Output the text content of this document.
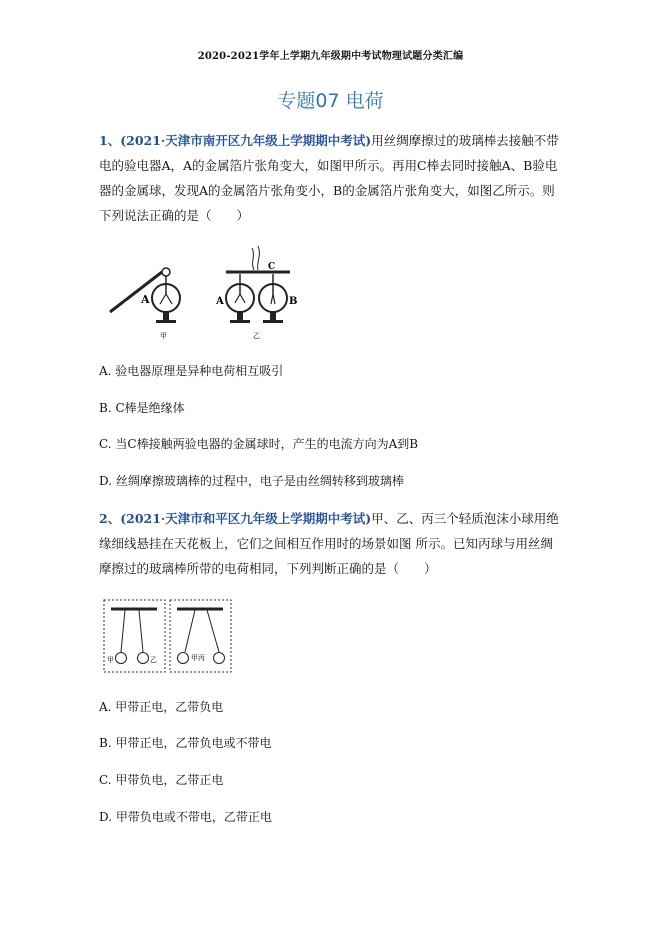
2020-2021学年上学期九年级期中考试物理试题分类汇编
专题07 电荷
1、(2021·天津市南开区九年级上学期期中考试)用丝绸摩擦过的玻璃棒去接触不带电的验电器A，A的金属箔片张角变大，如图甲所示。再用C棒去同时接触A、B验电器的金属球，发现A的金属箔片张角变小，B的金属箔片张角变大，如图乙所示。则下列说法正确的是（　　）
A
甲
C
A	B
乙
A. 验电器原理是异种电荷相互吸引
B. C棒是绝缘体
C. 当C棒接触两验电器的金属球时，产生的电流方向为A到B
D. 丝绸摩擦玻璃棒的过程中，电子是由丝绸转移到玻璃棒
2、(2021·天津市和平区九年级上学期期中考试)甲、乙、丙三个轻质泡沫小球用绝缘细线悬挂在天花板上，它们之间相互作用时的场景如图 所示。已知丙球与用丝绸摩擦过的玻璃棒所带的电荷相同，下列判断正确的是（　　）
甲	乙	甲丙
A. 甲带正电，乙带负电
B. 甲带正电，乙带负电或不带电
C. 甲带负电，乙带正电
D. 甲带负电或不带电，乙带正电
